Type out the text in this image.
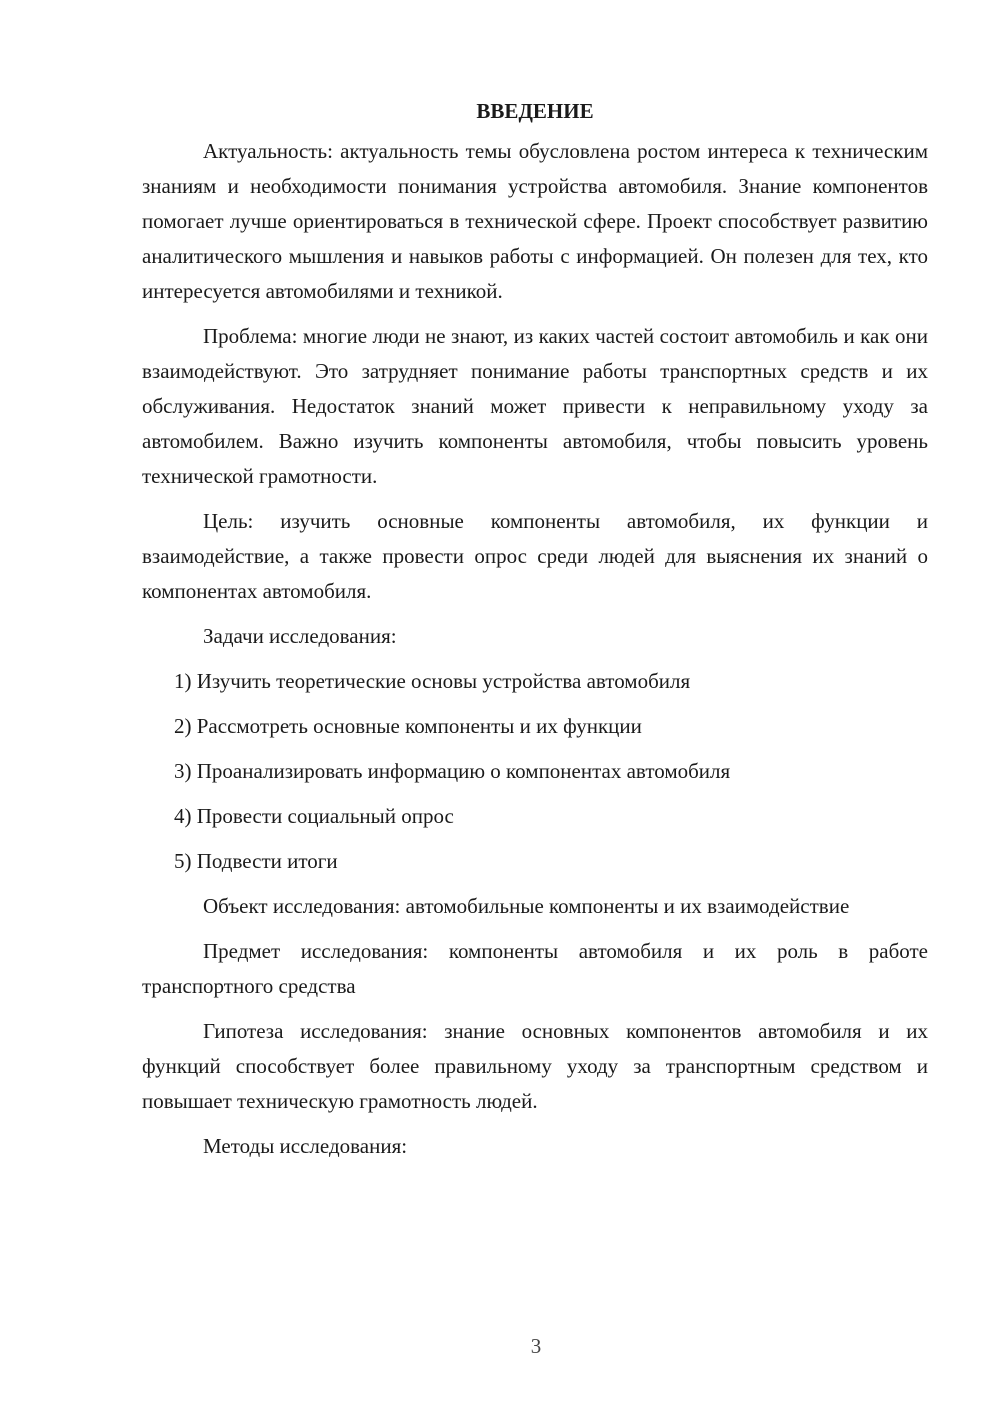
ВВЕДЕНИЕ

Актуальность: актуальность темы обусловлена ростом интереса к техническим знаниям и необходимости понимания устройства автомобиля. Знание компонентов помогает лучше ориентироваться в технической сфере. Проект способствует развитию аналитического мышления и навыков работы с информацией. Он полезен для тех, кто интересуется автомобилями и техникой.

Проблема: многие люди не знают, из каких частей состоит автомобиль и как они взаимодействуют. Это затрудняет понимание работы транспортных средств и их обслуживания. Недостаток знаний может привести к неправильному уходу за автомобилем. Важно изучить компоненты автомобиля, чтобы повысить уровень технической грамотности.

Цель: изучить основные компоненты автомобиля, их функции и взаимодействие, а также провести опрос среди людей для выяснения их знаний о компонентах автомобиля.

Задачи исследования:

1) Изучить теоретические основы устройства автомобиля
2) Рассмотреть основные компоненты и их функции
3) Проанализировать информацию о компонентах автомобиля
4) Провести социальный опрос
5) Подвести итоги

Объект исследования: автомобильные компоненты и их взаимодействие

Предмет исследования: компоненты автомобиля и их роль в работе транспортного средства

Гипотеза исследования: знание основных компонентов автомобиля и их функций способствует более правильному уходу за транспортным средством и повышает техническую грамотность людей.

Методы исследования:

3
